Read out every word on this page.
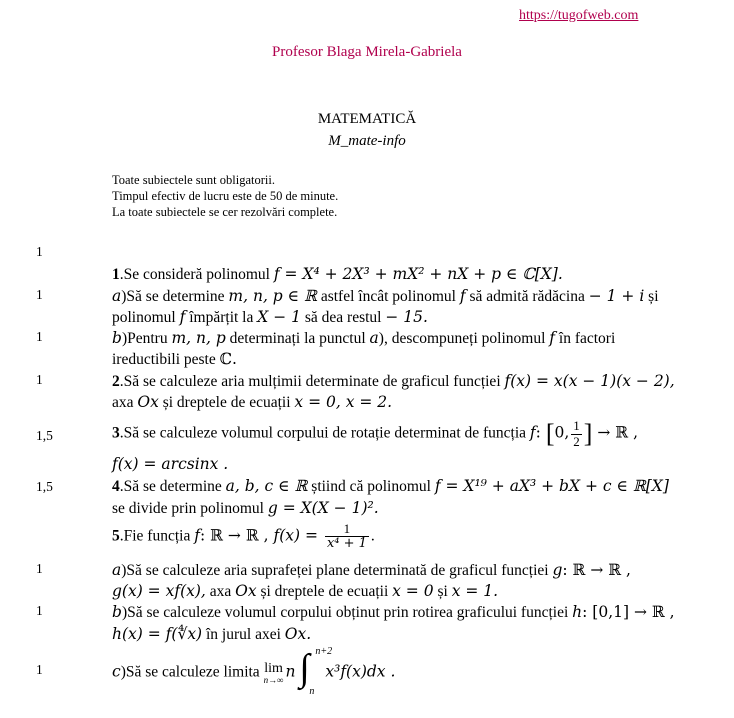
https://tugofweb.com
Profesor Blaga Mirela-Gabriela
MATEMATICĂ
M_mate-info
Toate subiectele sunt obligatorii.
Timpul efectiv de lucru este de 50 de minute.
La toate subiectele se cer rezolvări complete.
1
1
1
1
1,5
1,5
1
1
1
1.Se consideră polinomul f = X⁴ + 2X³ + mX² + nX + p ∈ ℂ[X].
a)Să se determine m, n, p ∈ ℝ astfel încât polinomul f să admită rădăcina − 1 + i și
polinomul f împărțit la X − 1 să dea restul − 15.
b)Pentru m, n, p determinați la punctul a), descompuneți polinomul f în factori
ireductibili peste ℂ.
2.Să se calculeze aria mulțimii determinate de graficul funcției f(x) = x(x − 1)(x − 2),
axa Ox și dreptele de ecuații x = 0, x = 2.
3.Să se calculeze volumul corpului de rotație determinat de funcția f: [0, $\frac{1}{2}$ ] → ℝ ,
f(x) = arcsinx .
4.Să se determine a, b, c ∈ ℝ știind că polinomul f = X¹⁹ + aX³ + bX + c ∈ ℝ[X]
se divide prin polinomul g = X(X − 1)².
5.Fie funcția f: ℝ → ℝ , $f(x) = \frac{1}{\text{x⁴ + 1}}$ .
a)Să se calculeze aria suprafeței plane determinată de graficul funcției g: ℝ → ℝ ,
g(x) = xf(x), axa Ox și dreptele de ecuații x = 0 și x = 1.
b)Să se calculeze volumul corpului obținut prin rotirea graficului funcției h: [0,1] → ℝ ,
h(x) = f(∜x) în jurul axei Ox.
c)Să se calculeze limita lim
n→∞ n ∫ n+2
n
x³f(x)dx .
